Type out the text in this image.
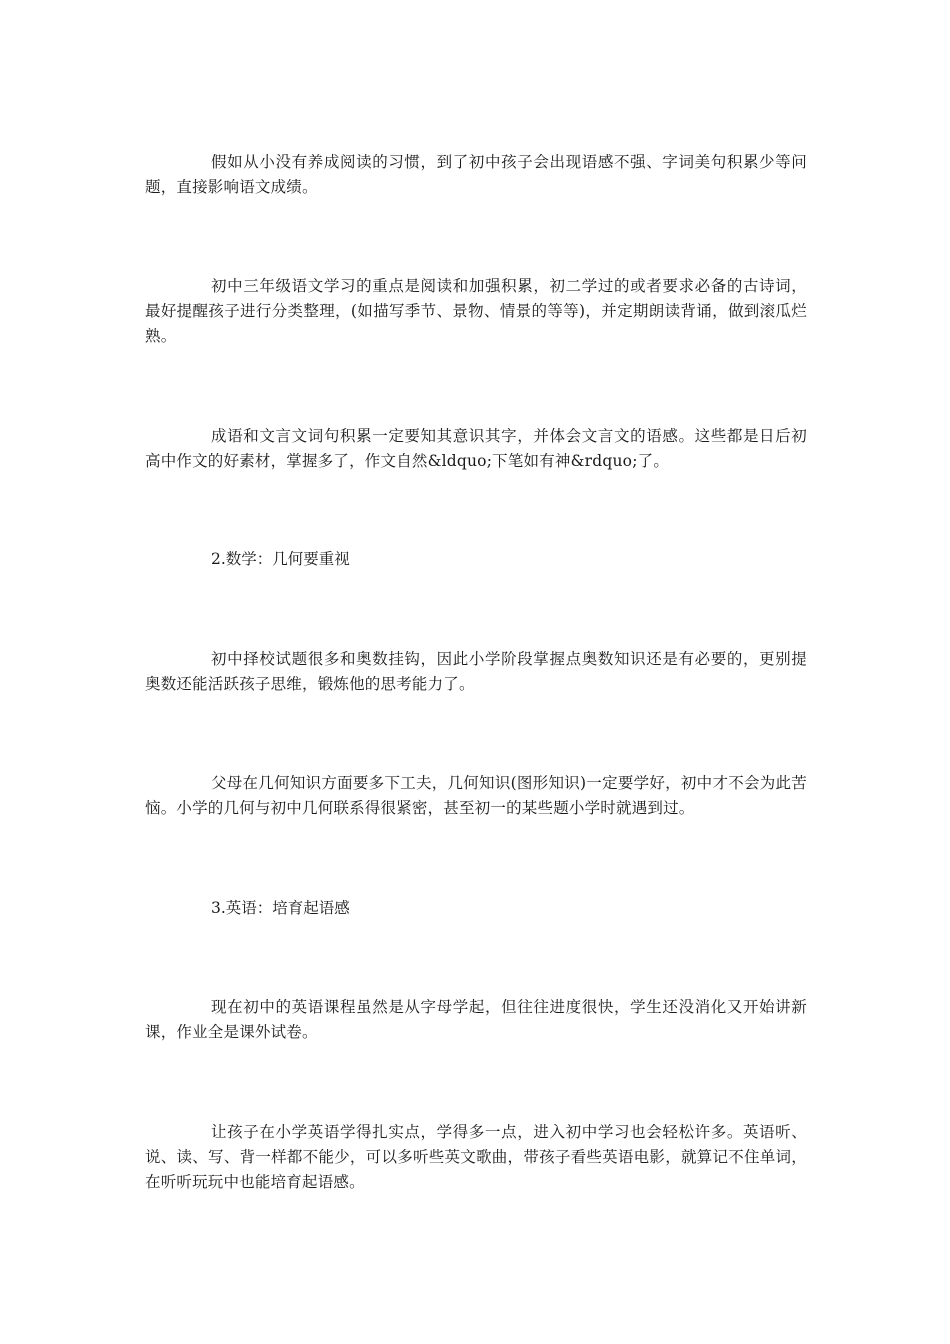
假如从小没有养成阅读的习惯，到了初中孩子会出现语感不强、字词美句积累少等问题，直接影响语文成绩。

初中三年级语文学习的重点是阅读和加强积累，初二学过的或者要求必备的古诗词，最好提醒孩子进行分类整理，(如描写季节、景物、情景的等等)，并定期朗读背诵，做到滚瓜烂熟。

成语和文言文词句积累一定要知其意识其字，并体会文言文的语感。这些都是日后初高中作文的好素材，掌握多了，作文自然&ldquo;下笔如有神&rdquo;了。

2.数学：几何要重视

初中择校试题很多和奥数挂钩，因此小学阶段掌握点奥数知识还是有必要的，更别提奥数还能活跃孩子思维，锻炼他的思考能力了。

父母在几何知识方面要多下工夫，几何知识(图形知识)一定要学好，初中才不会为此苦恼。小学的几何与初中几何联系得很紧密，甚至初一的某些题小学时就遇到过。

3.英语：培育起语感

现在初中的英语课程虽然是从字母学起，但往往进度很快，学生还没消化又开始讲新课，作业全是课外试卷。

让孩子在小学英语学得扎实点，学得多一点，进入初中学习也会轻松许多。英语听、说、读、写、背一样都不能少，可以多听些英文歌曲，带孩子看些英语电影，就算记不住单词，在听听玩玩中也能培育起语感。
